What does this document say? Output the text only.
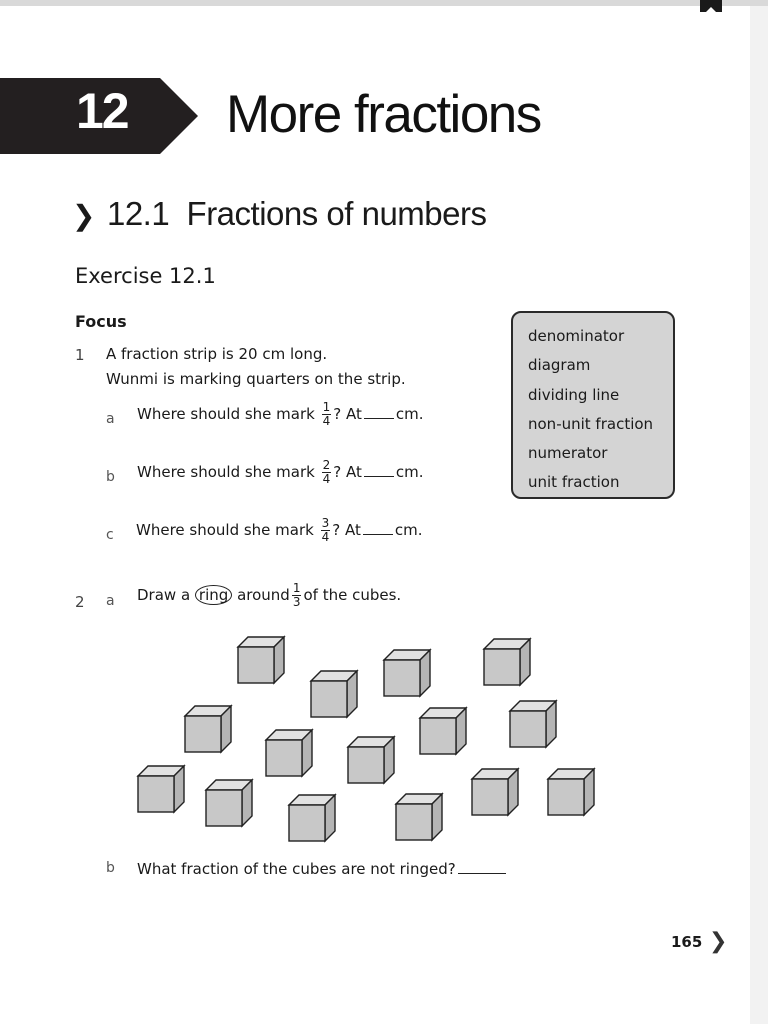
12 More fractions
❯ 12.1  Fractions of numbers
Exercise 12.1
Focus
1 A fraction strip is 20 cm long.
Wunmi is marking quarters on the strip.
a Where should she mark $\frac{1}{4}$ ? At cm.
b Where should she mark $\frac{2}{4}$ ? At cm.
c Where should she mark $\frac{3}{4}$ ? At cm.
denominator
diagram
dividing line
non-unit fraction
numerator
unit fraction
2 a Draw a ring around $\frac{1}{3}$ of the cubes.
b What fraction of the cubes are not ringed?
165 ❯
